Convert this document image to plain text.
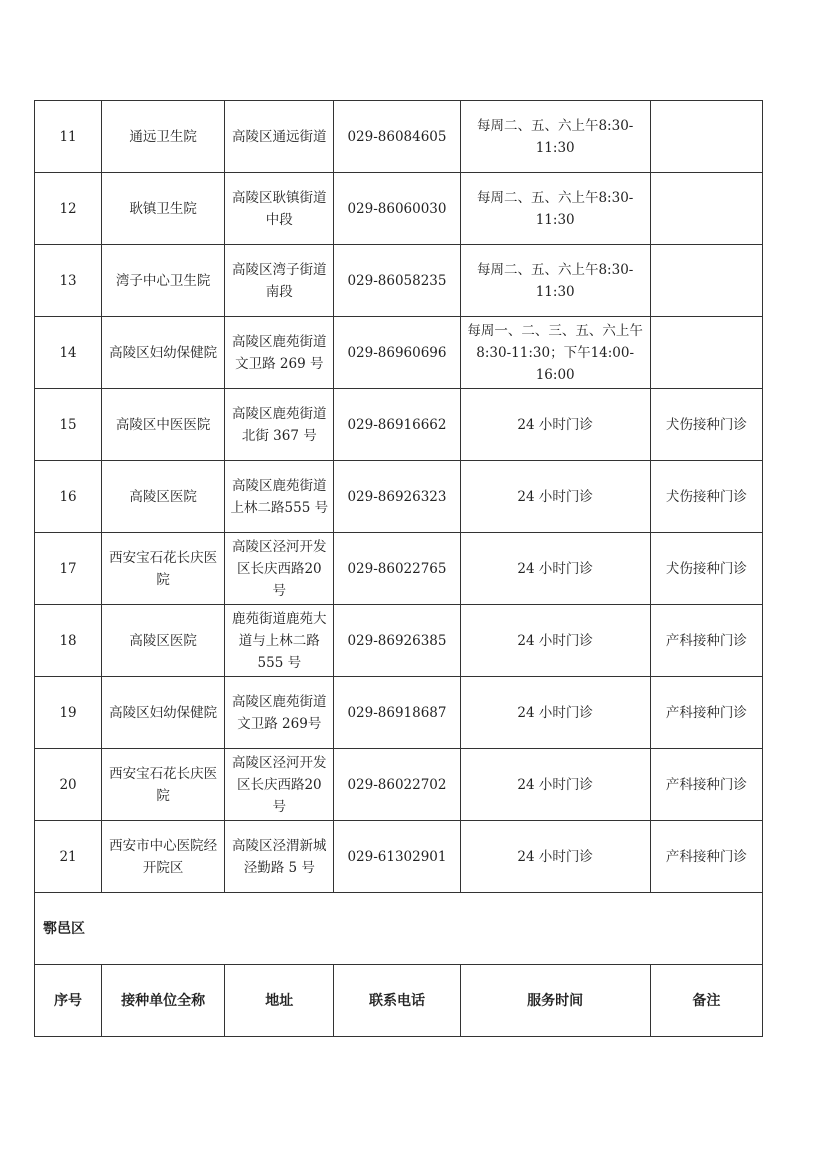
11	通远卫生院	高陵区通远街道	029-86084605	每周二、五、六上午8:30-11:30	
12	耿镇卫生院	高陵区耿镇街道中段	029-86060030	每周二、五、六上午8:30-11:30	
13	湾子中心卫生院	高陵区湾子街道南段	029-86058235	每周二、五、六上午8:30-11:30	
14	高陵区妇幼保健院	高陵区鹿苑街道文卫路 269 号	029-86960696	每周一、二、三、五、六上午 8:30-11:30；下午14:00-16:00	
15	高陵区中医医院	高陵区鹿苑街道北街 367 号	029-86916662	24 小时门诊	犬伤接种门诊
16	高陵区医院	高陵区鹿苑街道上林二路555 号	029-86926323	24 小时门诊	犬伤接种门诊
17	西安宝石花长庆医院	高陵区泾河开发区长庆西路20 号	029-86022765	24 小时门诊	犬伤接种门诊
18	高陵区医院	鹿苑街道鹿苑大道与上林二路 555 号	029-86926385	24 小时门诊	产科接种门诊
19	高陵区妇幼保健院	高陵区鹿苑街道文卫路 269号	029-86918687	24 小时门诊	产科接种门诊
20	西安宝石花长庆医院	高陵区泾河开发区长庆西路20 号	029-86022702	24 小时门诊	产科接种门诊
21	西安市中心医院经开院区	高陵区泾渭新城泾勤路 5 号	029-61302901	24 小时门诊	产科接种门诊
鄠邑区					
序号	接种单位全称	地址	联系电话	服务时间	备注
